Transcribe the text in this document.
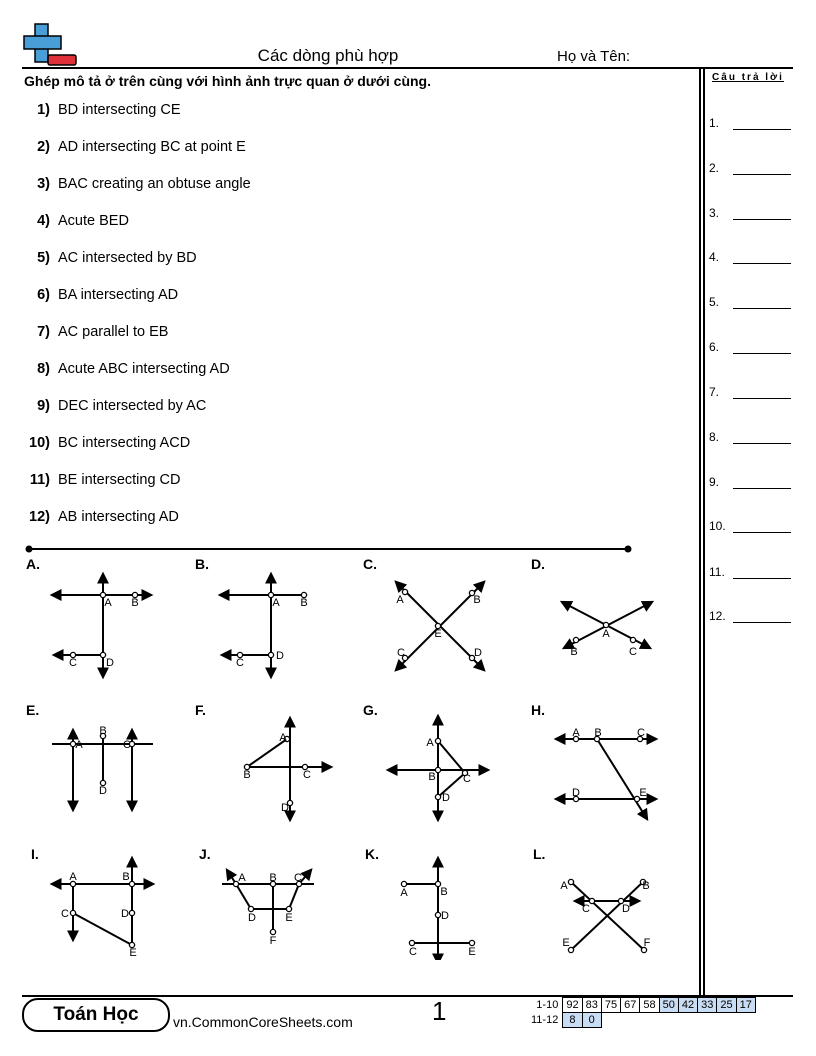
Các dòng phù hợp	Họ và Tên:
Ghép mô tả ở trên cùng với hình ảnh trực quan ở dưới cùng.
1) BD intersecting CE
2) AD intersecting BC at point E
3) BAC creating an obtuse angle
4) Acute BED
5) AC intersected by BD
6) BA intersecting AD
7) AC parallel to EB
8) Acute ABC intersecting AD
9) DEC intersected by AC
10) BC intersecting ACD
11) BE intersecting CD
12) AB intersecting AD
Câu trả lời
1.
2.
3.
4.
5.
6.
7.
8.
9.
10.
11.
12.
A.	B.	C.	D.
E.	F.	G.	H.
I.	J.	K.	L.
A B
C	D
A B
C
D
A	B
E
C	D
A
B	C
A
B
C
D
A
B	C
D
A
B C
D
A B	C
D	E
A	B
C	D
E
A B C
D	E
F
A	B
D
C	E
A	B
C	D
E	F
Toán Học	vn.CommonCoreSheets.com	1	1-10	92	83	75	67	58	50	42	33	25	17
11-12	8	0								
